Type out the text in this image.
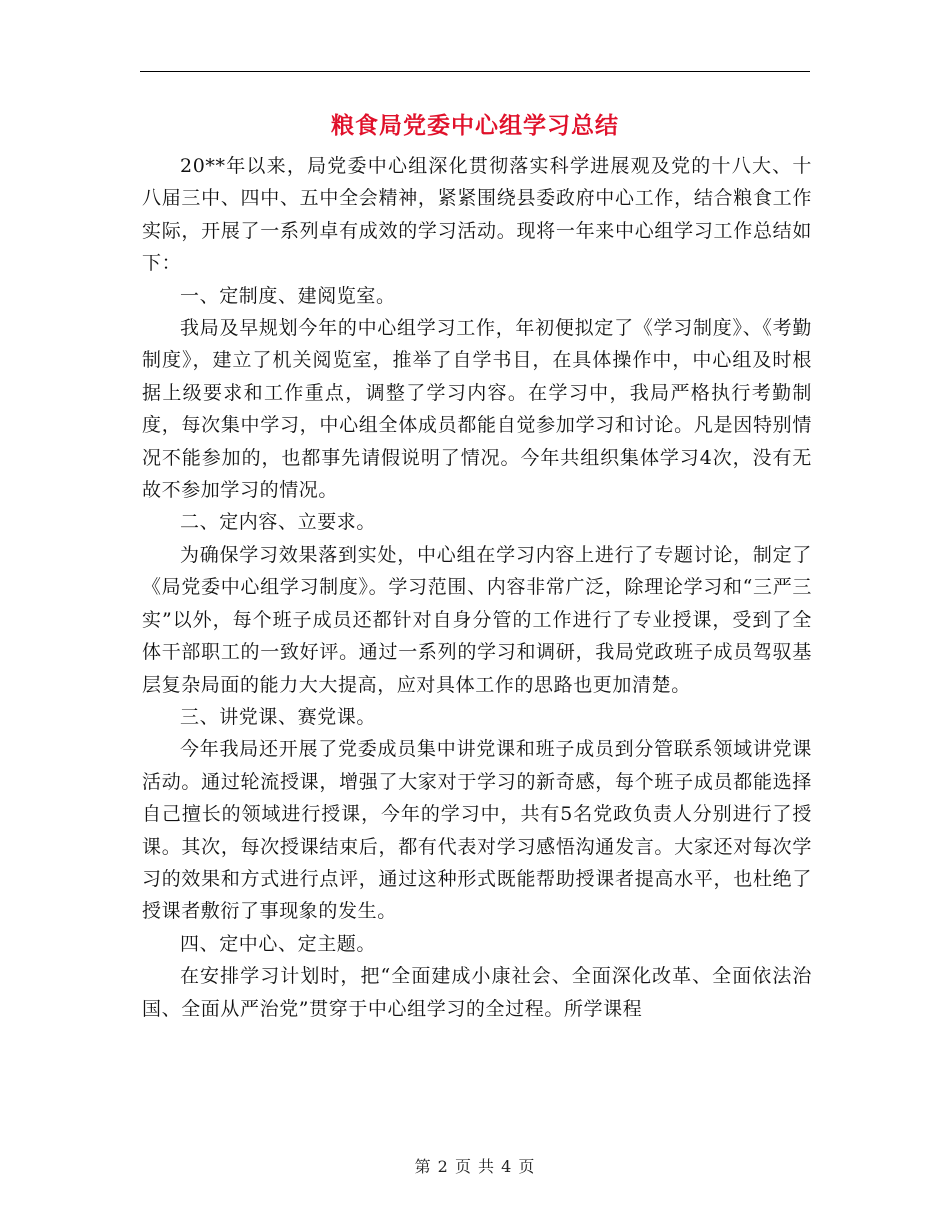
粮食局党委中心组学习总结

20**年以来，局党委中心组深化贯彻落实科学进展观及党的十八大、十八届三中、四中、五中全会精神，紧紧围绕县委政府中心工作，结合粮食工作实际，开展了一系列卓有成效的学习活动。现将一年来中心组学习工作总结如下：

一、定制度、建阅览室。

我局及早规划今年的中心组学习工作，年初便拟定了《学习制度》、《考勤制度》，建立了机关阅览室，推举了自学书目，在具体操作中，中心组及时根据上级要求和工作重点，调整了学习内容。在学习中，我局严格执行考勤制度，每次集中学习，中心组全体成员都能自觉参加学习和讨论。凡是因特别情况不能参加的，也都事先请假说明了情况。今年共组织集体学习4次，没有无故不参加学习的情况。

二、定内容、立要求。

为确保学习效果落到实处，中心组在学习内容上进行了专题讨论，制定了《局党委中心组学习制度》。学习范围、内容非常广泛，除理论学习和“三严三实”以外，每个班子成员还都针对自身分管的工作进行了专业授课，受到了全体干部职工的一致好评。通过一系列的学习和调研，我局党政班子成员驾驭基层复杂局面的能力大大提高，应对具体工作的思路也更加清楚。

三、讲党课、赛党课。

今年我局还开展了党委成员集中讲党课和班子成员到分管联系领域讲党课活动。通过轮流授课，增强了大家对于学习的新奇感，每个班子成员都能选择自己擅长的领域进行授课，今年的学习中，共有5名党政负责人分别进行了授课。其次，每次授课结束后，都有代表对学习感悟沟通发言。大家还对每次学习的效果和方式进行点评，通过这种形式既能帮助授课者提高水平，也杜绝了授课者敷衍了事现象的发生。

四、定中心、定主题。

在安排学习计划时，把“全面建成小康社会、全面深化改革、全面依法治国、全面从严治党”贯穿于中心组学习的全过程。所学课程

第 2 页 共 4 页
